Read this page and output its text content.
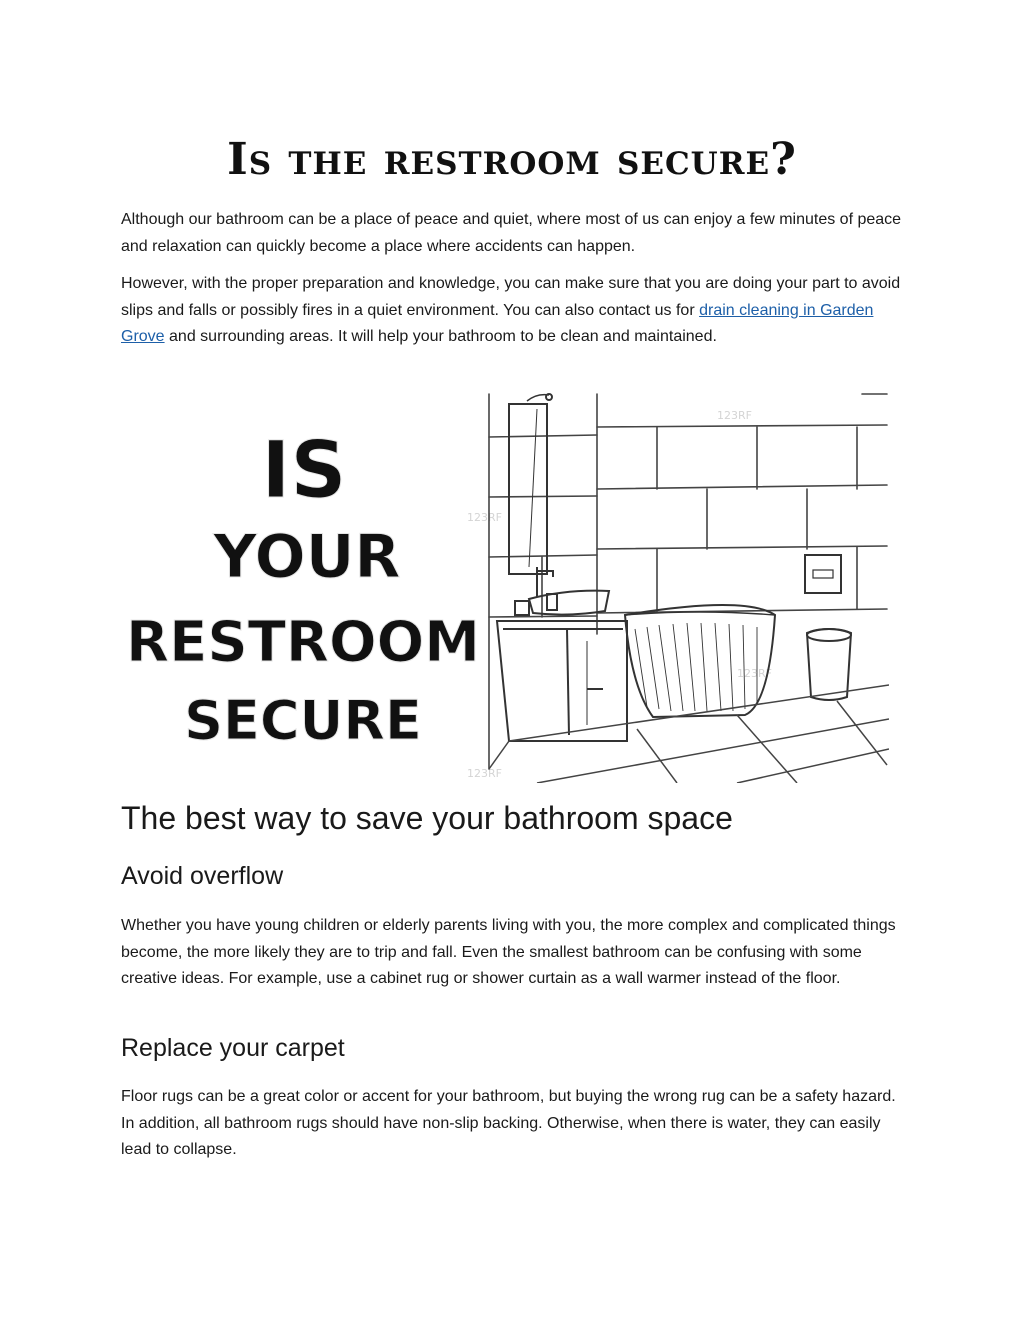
Is the restroom secure?

Although our bathroom can be a place of peace and quiet, where most of us can enjoy a few minutes of peace and relaxation can quickly become a place where accidents can happen.

However, with the proper preparation and knowledge, you can make sure that you are doing your part to avoid slips and falls or possibly fires in a quiet environment. You can also contact us for drain cleaning in Garden Grove and surrounding areas. It will help your bathroom to be clean and maintained.

123RF
123RF
123RF
123RF
IS
YOUR
RESTROOM
SECURE
The best way to save your bathroom space
Avoid overflow

Whether you have young children or elderly parents living with you, the more complex and complicated things become, the more likely they are to trip and fall. Even the smallest bathroom can be confusing with some creative ideas. For example, use a cabinet rug or shower curtain as a wall warmer instead of the floor.

Replace your carpet

Floor rugs can be a great color or accent for your bathroom, but buying the wrong rug can be a safety hazard. In addition, all bathroom rugs should have non-slip backing. Otherwise, when there is water, they can easily lead to collapse.
